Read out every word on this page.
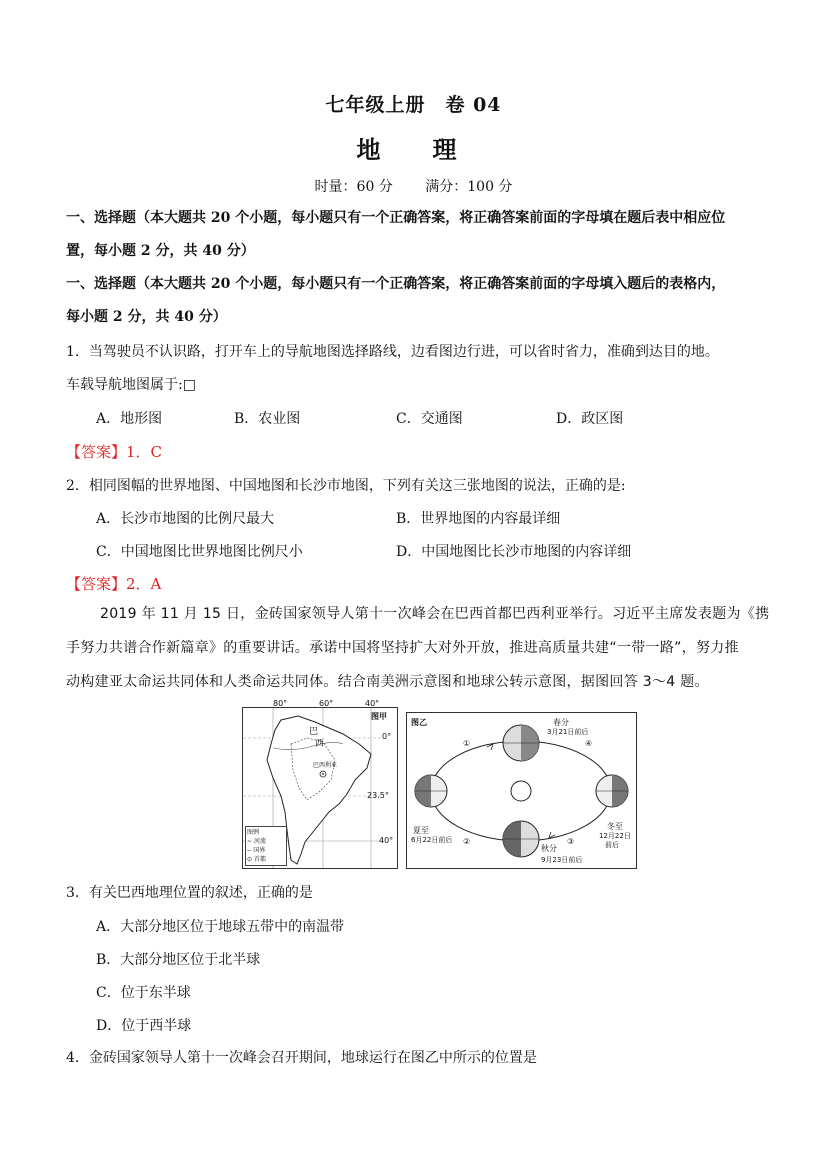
七年级上册　卷 04
地　理
时量：60 分 满分：100 分
一、选择题（本大题共 20 个小题，每小题只有一个正确答案，将正确答案前面的字母填在题后表中相应位
置，每小题 2 分，共 40 分）
一、选择题（本大题共 20 个小题，每小题只有一个正确答案，将正确答案前面的字母填入题后的表格内，
每小题 2 分，共 40 分）
1．当驾驶员不认识路，打开车上的导航地图选择路线，边看图边行进，可以省时省力，准确到达目的地。
车载导航地图属于:□
A．地形图	B．农业图	C．交通图	D．政区图
【答案】1．C
2．相同图幅的世界地图、中国地图和长沙市地图，下列有关这三张地图的说法，正确的是:
A．长沙市地图的比例尺最大	B．世界地图的内容最详细
C．中国地图比世界地图比例尺小	D．中国地图比长沙市地图的内容详细
【答案】2．A
2019 年 11 月 15 日，金砖国家领导人第十一次峰会在巴西首都巴西利亚举行。习近平主席发表题为《携
手努力共谱合作新篇章》的重要讲话。承诺中国将坚持扩大对外开放，推进高质量共建“一带一路”，努力推
动构建亚太命运共同体和人类命运共同体。结合南美洲示意图和地球公转示意图，据图回答 3～4 题。
80°	60°	40°
图甲
0°
23.5°
40°
巴
西
巴西利亚
图例
~ 河流
-- 国界
⊙ 首都
图乙	春分
3月21日前后
夏至
6月22日前后
冬至
12月22日
前后
秋分
9月23日前后
①
②	③
④
3．有关巴西地理位置的叙述，正确的是
A．大部分地区位于地球五带中的南温带
B．大部分地区位于北半球
C．位于东半球
D．位于西半球
4．金砖国家领导人第十一次峰会召开期间，地球运行在图乙中所示的位置是
